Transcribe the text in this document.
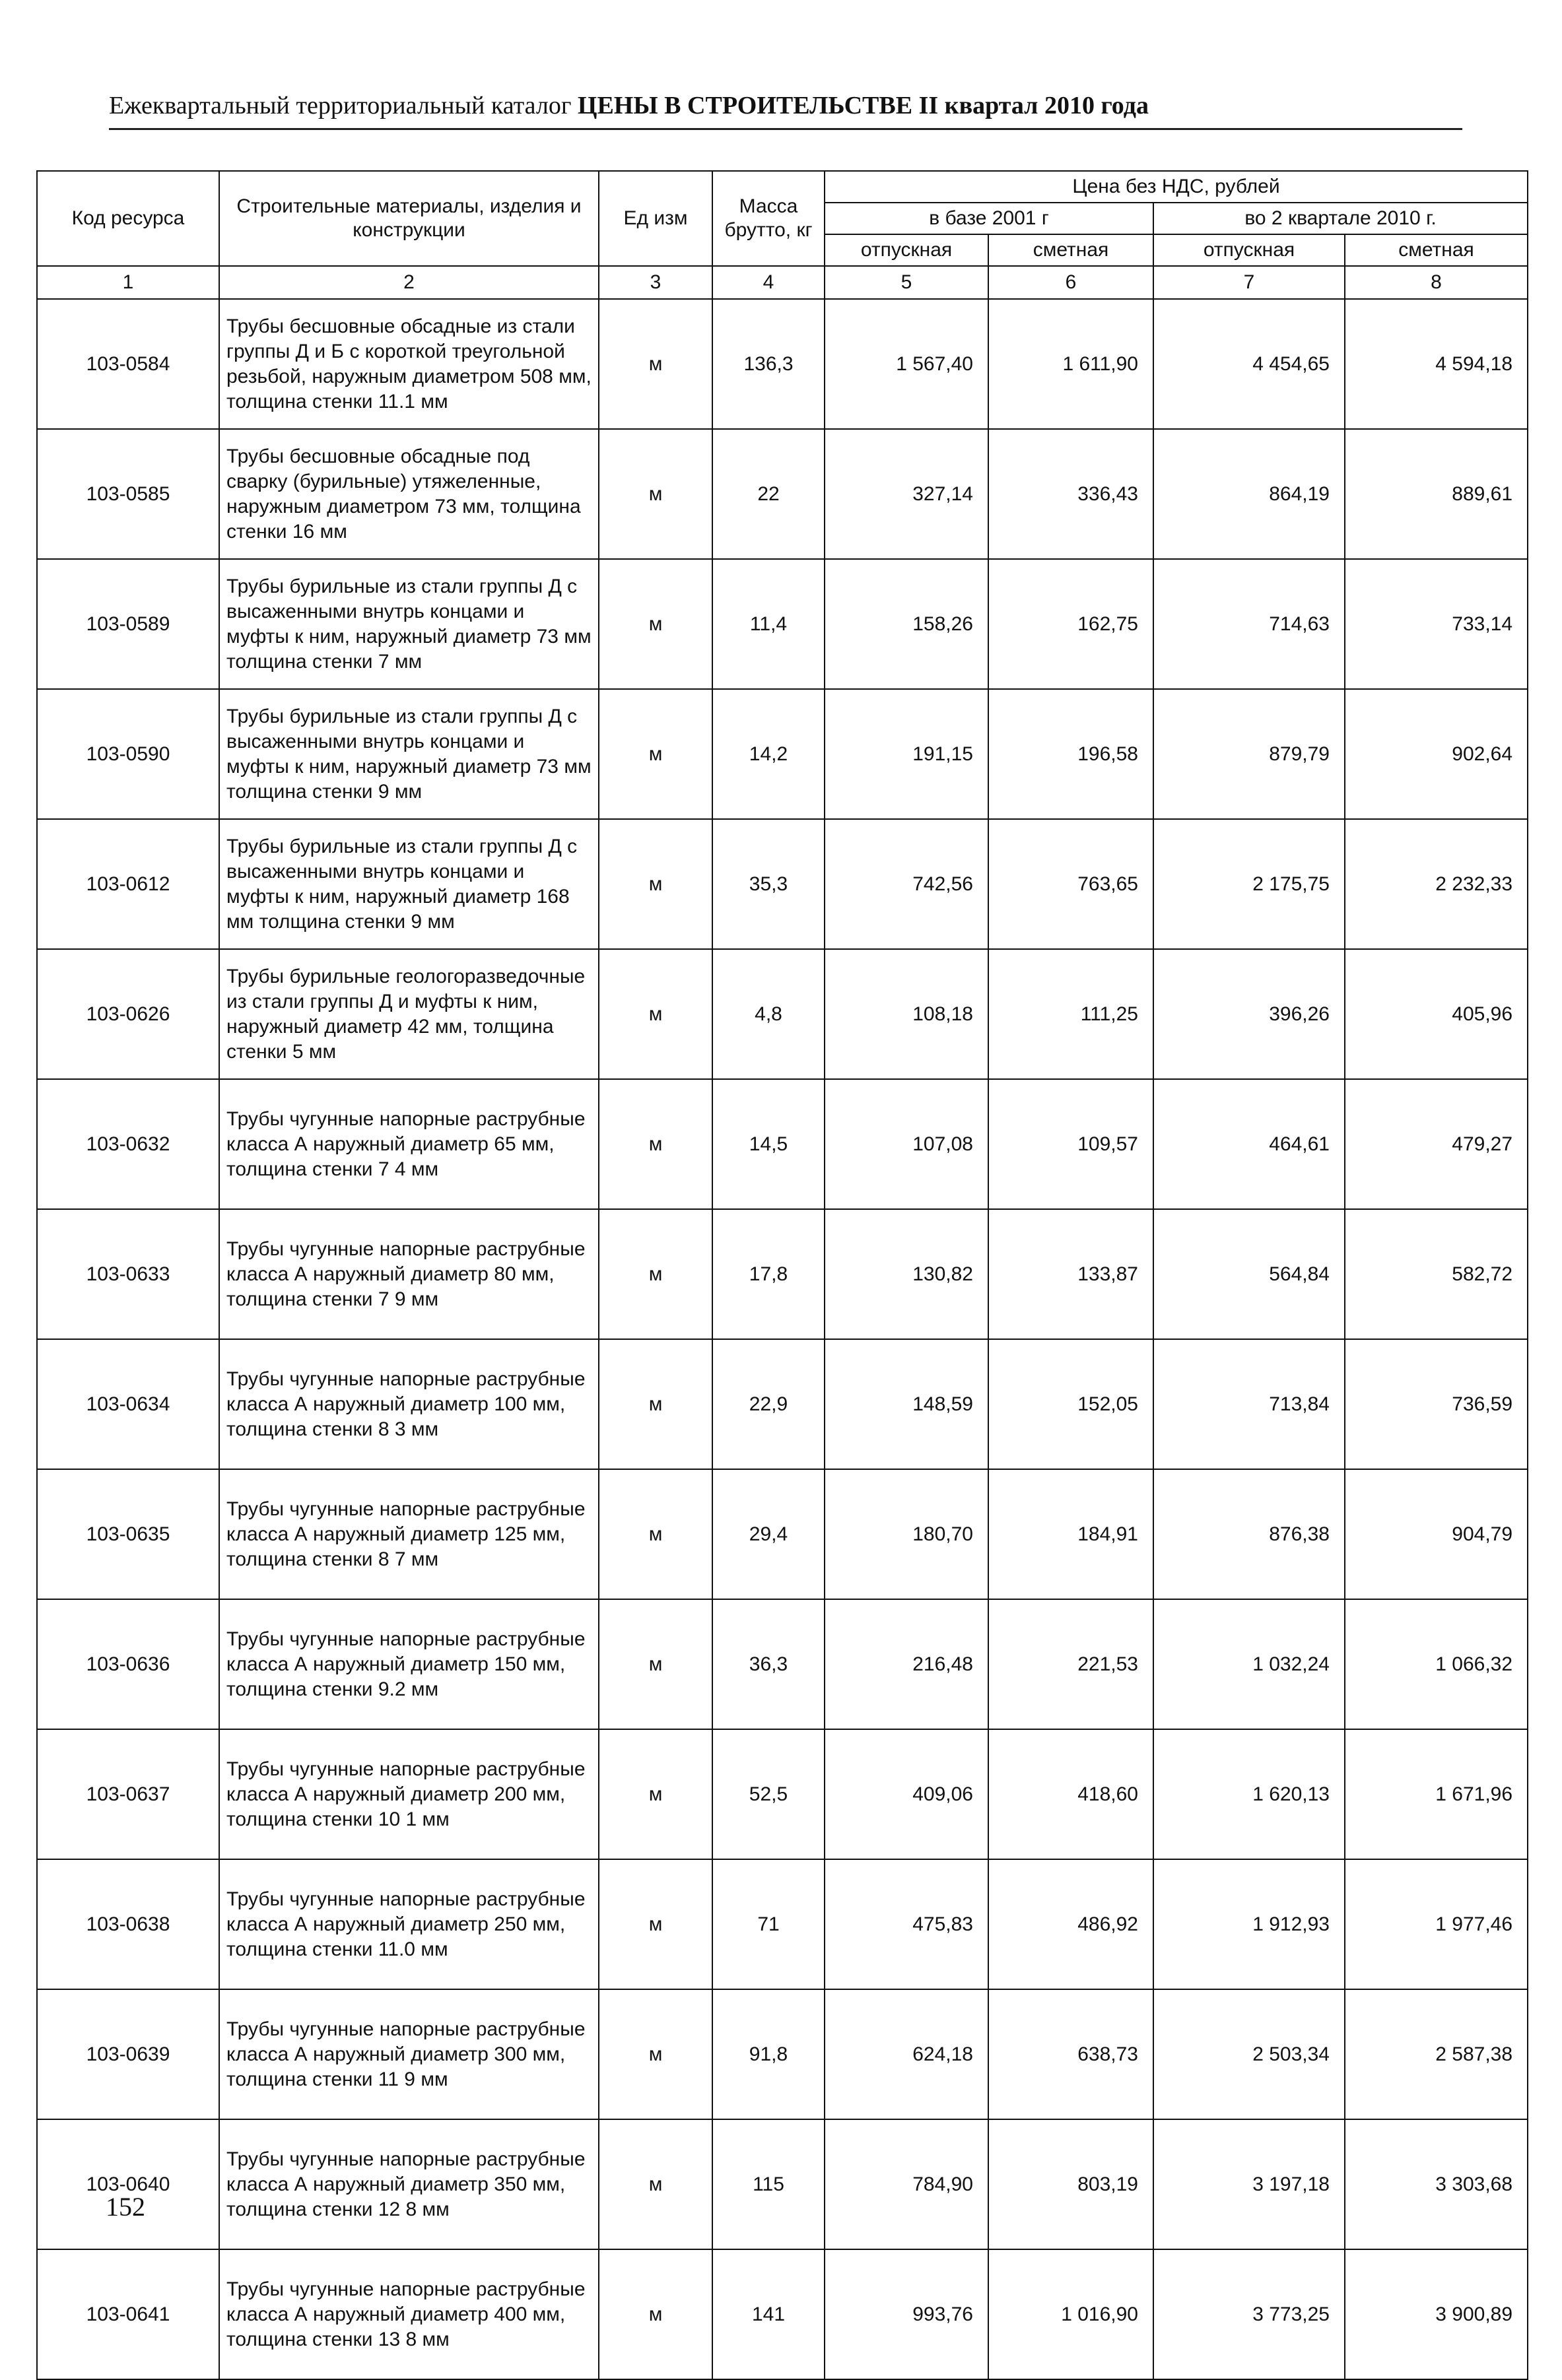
Ежеквартальный территориальный каталог ЦЕНЫ В СТРОИТЕЛЬСТВЕ II квартал 2010 года
Код ресурса	Строительные материалы, изделия и конструкции	Ед изм	Масса брутто, кг	Цена без НДС, рублей			
				в базе 2001 г		во 2 квартале 2010 г.	
				отпускная	сметная	отпускная	сметная
1	2	3	4	5	6	7	8
103-0584	Трубы бесшовные обсадные из стали группы Д и Б с короткой треугольной резьбой, наружным диаметром 508 мм, толщина стенки 11.1 мм	м	136,3	1 567,40	1 611,90	4 454,65	4 594,18
103-0585	Трубы бесшовные обсадные под сварку (бурильные) утяжеленные, наружным диаметром 73 мм, толщина стенки 16 мм	м	22	327,14	336,43	864,19	889,61
103-0589	Трубы бурильные из стали группы Д с высаженными внутрь концами и муфты к ним, наружный диаметр 73 мм толщина стенки 7 мм	м	11,4	158,26	162,75	714,63	733,14
103-0590	Трубы бурильные из стали группы Д с высаженными внутрь концами и муфты к ним, наружный диаметр 73 мм толщина стенки 9 мм	м	14,2	191,15	196,58	879,79	902,64
103-0612	Трубы бурильные из стали группы Д с высаженными внутрь концами и муфты к ним, наружный диаметр 168 мм толщина стенки 9 мм	м	35,3	742,56	763,65	2 175,75	2 232,33
103-0626	Трубы бурильные геологоразведочные из стали группы Д и муфты к ним, наружный диаметр 42 мм, толщина стенки 5 мм	м	4,8	108,18	111,25	396,26	405,96
103-0632	Трубы чугунные напорные раструбные класса А наружный диаметр 65 мм, толщина стенки 7 4 мм	м	14,5	107,08	109,57	464,61	479,27
103-0633	Трубы чугунные напорные раструбные класса А наружный диаметр 80 мм, толщина стенки 7 9 мм	м	17,8	130,82	133,87	564,84	582,72
103-0634	Трубы чугунные напорные раструбные класса А наружный диаметр 100 мм, толщина стенки 8 3 мм	м	22,9	148,59	152,05	713,84	736,59
103-0635	Трубы чугунные напорные раструбные класса А наружный диаметр 125 мм, толщина стенки 8 7 мм	м	29,4	180,70	184,91	876,38	904,79
103-0636	Трубы чугунные напорные раструбные класса А наружный диаметр 150 мм, толщина стенки 9.2 мм	м	36,3	216,48	221,53	1 032,24	1 066,32
103-0637	Трубы чугунные напорные раструбные класса А наружный диаметр 200 мм, толщина стенки 10 1 мм	м	52,5	409,06	418,60	1 620,13	1 671,96
103-0638	Трубы чугунные напорные раструбные класса А наружный диаметр 250 мм, толщина стенки 11.0 мм	м	71	475,83	486,92	1 912,93	1 977,46
103-0639	Трубы чугунные напорные раструбные класса А наружный диаметр 300 мм, толщина стенки 11 9 мм	м	91,8	624,18	638,73	2 503,34	2 587,38
103-0640	Трубы чугунные напорные раструбные класса А наружный диаметр 350 мм, толщина стенки 12 8 мм	м	115	784,90	803,19	3 197,18	3 303,68
103-0641	Трубы чугунные напорные раструбные класса А наружный диаметр 400 мм, толщина стенки 13 8 мм	м	141	993,76	1 016,90	3 773,25	3 900,89
152
